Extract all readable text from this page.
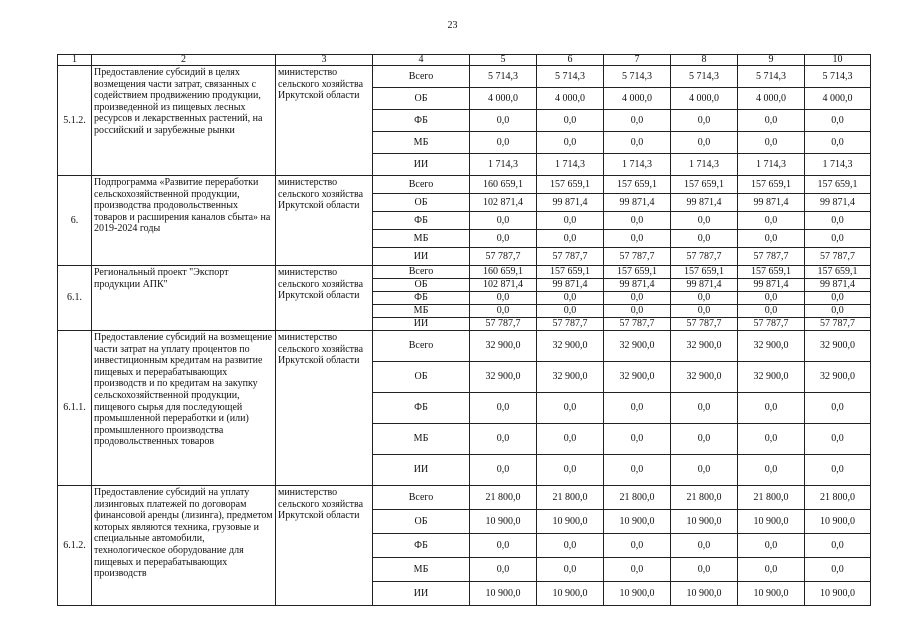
23
1	2	3	4	5	6	7	8	9	10
5.1.2.	Предоставление субсидий в целях возмещения части затрат, связанных с содействием продвижению продукции, произведенной из пищевых лесных ресурсов и лекарственных растений, на российский и зарубежные рынки	министерство сельского хозяйства Иркутской области	Всего	5 714,3	5 714,3	5 714,3	5 714,3	5 714,3	5 714,3
			ОБ	4 000,0	4 000,0	4 000,0	4 000,0	4 000,0	4 000,0
			ФБ	0,0	0,0	0,0	0,0	0,0	0,0
			МБ	0,0	0,0	0,0	0,0	0,0	0,0
			ИИ	1 714,3	1 714,3	1 714,3	1 714,3	1 714,3	1 714,3
6.	Подпрограмма «Развитие переработки сельскохозяйственной продукции, производства продовольственных товаров и расширения каналов сбыта» на 2019-2024 годы	министерство сельского хозяйства Иркутской области	Всего	160 659,1	157 659,1	157 659,1	157 659,1	157 659,1	157 659,1
			ОБ	102 871,4	99 871,4	99 871,4	99 871,4	99 871,4	99 871,4
			ФБ	0,0	0,0	0,0	0,0	0,0	0,0
			МБ	0,0	0,0	0,0	0,0	0,0	0,0
			ИИ	57 787,7	57 787,7	57 787,7	57 787,7	57 787,7	57 787,7
6.1.	Региональный проект "Экспорт продукции АПК"	министерство сельского хозяйства Иркутской области	Всего	160 659,1	157 659,1	157 659,1	157 659,1	157 659,1	157 659,1
			ОБ	102 871,4	99 871,4	99 871,4	99 871,4	99 871,4	99 871,4
			ФБ	0,0	0,0	0,0	0,0	0,0	0,0
			МБ	0,0	0,0	0,0	0,0	0,0	0,0
			ИИ	57 787,7	57 787,7	57 787,7	57 787,7	57 787,7	57 787,7
6.1.1.	Предоставление субсидий на возмещение части затрат на уплату процентов по инвестиционным кредитам на развитие пищевых и перерабатывающих производств и по кредитам на закупку сельскохозяйственной продукции, пищевого сырья для последующей промышленной переработки и (или) промышленного производства продовольственных товаров	министерство сельского хозяйства Иркутской области	Всего	32 900,0	32 900,0	32 900,0	32 900,0	32 900,0	32 900,0
			ОБ	32 900,0	32 900,0	32 900,0	32 900,0	32 900,0	32 900,0
			ФБ	0,0	0,0	0,0	0,0	0,0	0,0
			МБ	0,0	0,0	0,0	0,0	0,0	0,0
			ИИ	0,0	0,0	0,0	0,0	0,0	0,0
6.1.2.	Предоставление субсидий на уплату лизинговых платежей по договорам финансовой аренды (лизинга), предметом которых являются техника, грузовые и специальные автомобили, технологическое оборудование для пищевых и перерабатывающих производств	министерство сельского хозяйства Иркутской области	Всего	21 800,0	21 800,0	21 800,0	21 800,0	21 800,0	21 800,0
			ОБ	10 900,0	10 900,0	10 900,0	10 900,0	10 900,0	10 900,0
			ФБ	0,0	0,0	0,0	0,0	0,0	0,0
			МБ	0,0	0,0	0,0	0,0	0,0	0,0
			ИИ	10 900,0	10 900,0	10 900,0	10 900,0	10 900,0	10 900,0
